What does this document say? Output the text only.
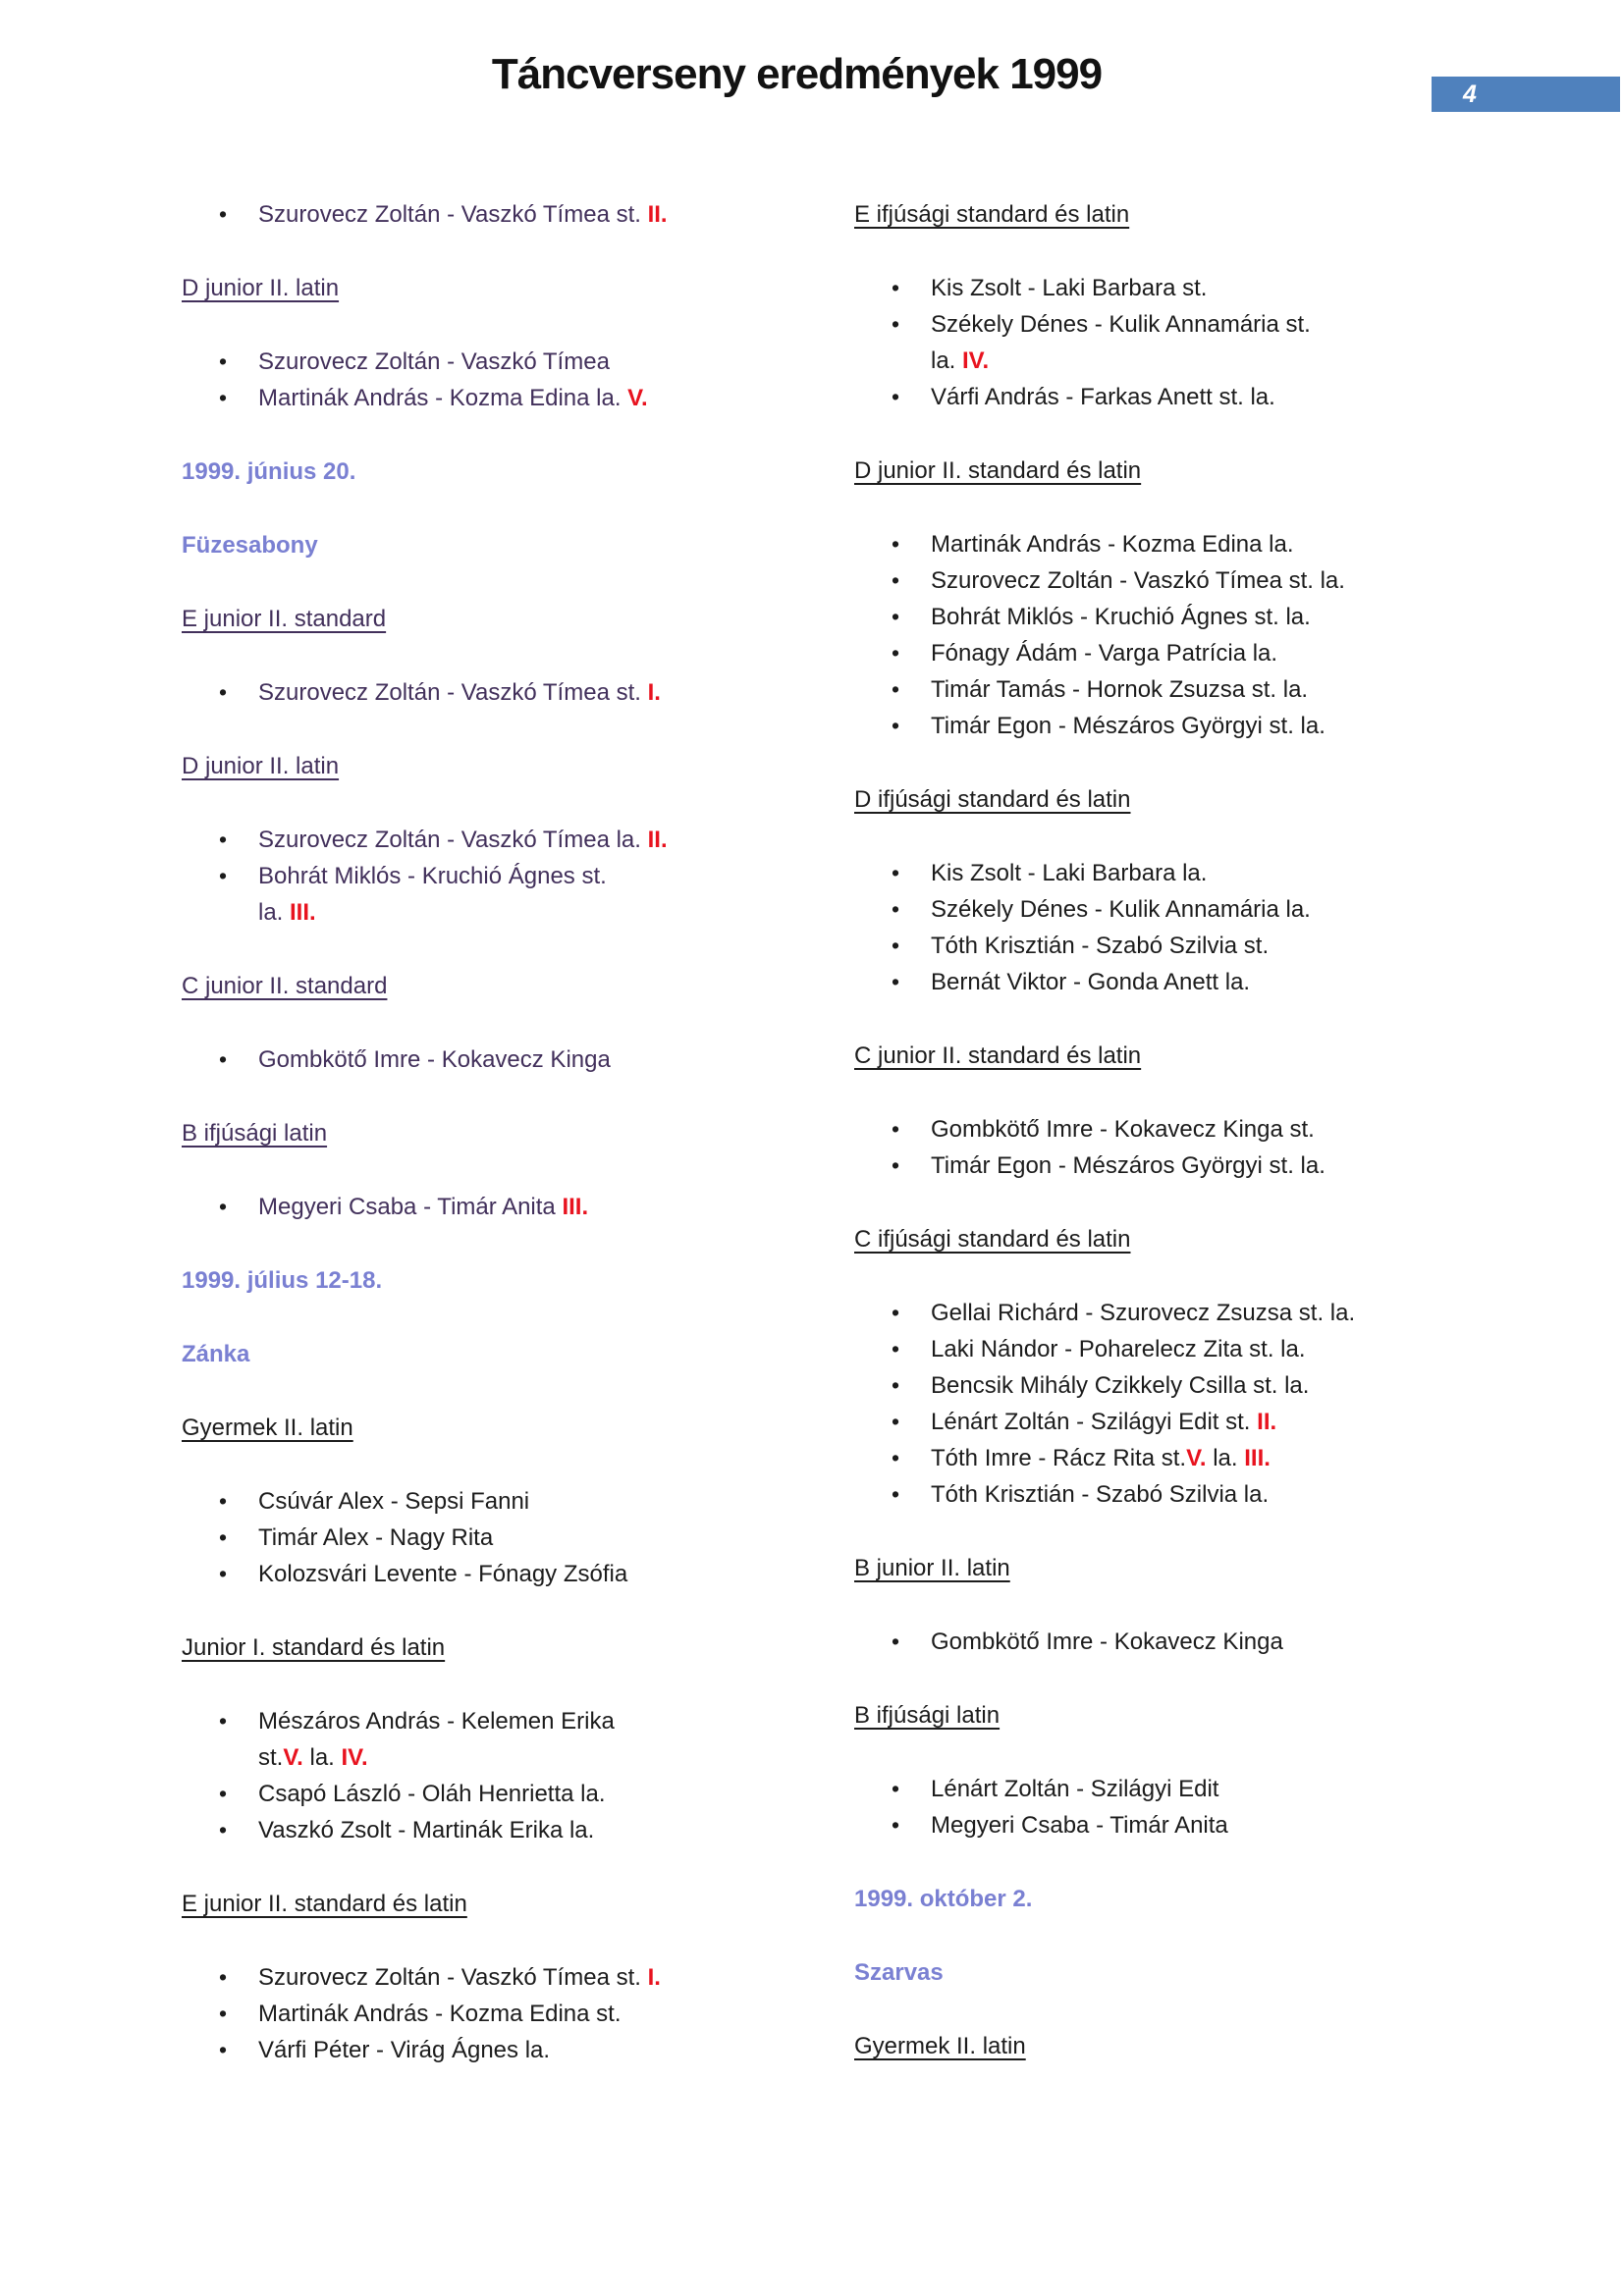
4
Táncverseny eredmények 1999
• Szurovecz Zoltán - Vaszkó Tímea st. II.
D junior II. latin
• Szurovecz Zoltán - Vaszkó Tímea
• Martinák András - Kozma Edina la. V.
1999. június 20.
Füzesabony
E junior II. standard
• Szurovecz Zoltán - Vaszkó Tímea st. I.
D junior II. latin
• Szurovecz Zoltán - Vaszkó Tímea la. II.
• Bohrát Miklós - Kruchió Ágnes st.
la. III.
C junior II. standard
• Gombkötő Imre - Kokavecz Kinga
B ifjúsági latin
• Megyeri Csaba - Timár Anita III.
1999. július 12-18.
Zánka
Gyermek II. latin
• Csúvár Alex - Sepsi Fanni
• Timár Alex - Nagy Rita
• Kolozsvári Levente - Fónagy Zsófia
Junior I. standard és latin
• Mészáros András - Kelemen Erika
st.V. la. IV.
• Csapó László - Oláh Henrietta la.
• Vaszkó Zsolt - Martinák Erika la.
E junior II. standard és latin
• Szurovecz Zoltán - Vaszkó Tímea st. I.
• Martinák András - Kozma Edina st.
• Várfi Péter - Virág Ágnes la.
E ifjúsági standard és latin
• Kis Zsolt - Laki Barbara st.
• Székely Dénes - Kulik Annamária st.
la. IV.
• Várfi András - Farkas Anett st. la.
D junior II. standard és latin
• Martinák András - Kozma Edina la.
• Szurovecz Zoltán - Vaszkó Tímea st. la.
• Bohrát Miklós - Kruchió Ágnes st. la.
• Fónagy Ádám - Varga Patrícia la.
• Timár Tamás - Hornok Zsuzsa st. la.
• Timár Egon - Mészáros Györgyi st. la.
D ifjúsági standard és latin
• Kis Zsolt - Laki Barbara la.
• Székely Dénes - Kulik Annamária la.
• Tóth Krisztián - Szabó Szilvia st.
• Bernát Viktor - Gonda Anett la.
C junior II. standard és latin
• Gombkötő Imre - Kokavecz Kinga st.
• Timár Egon - Mészáros Györgyi st. la.
C ifjúsági standard és latin
• Gellai Richárd - Szurovecz Zsuzsa st. la.
• Laki Nándor - Poharelecz Zita st. la.
• Bencsik Mihály Czikkely Csilla st. la.
• Lénárt Zoltán - Szilágyi Edit st. II.
• Tóth Imre - Rácz Rita st.V. la. III.
• Tóth Krisztián - Szabó Szilvia la.
B junior II. latin
• Gombkötő Imre - Kokavecz Kinga
B ifjúsági latin
• Lénárt Zoltán - Szilágyi Edit
• Megyeri Csaba - Timár Anita
1999. október 2.
Szarvas
Gyermek II. latin
